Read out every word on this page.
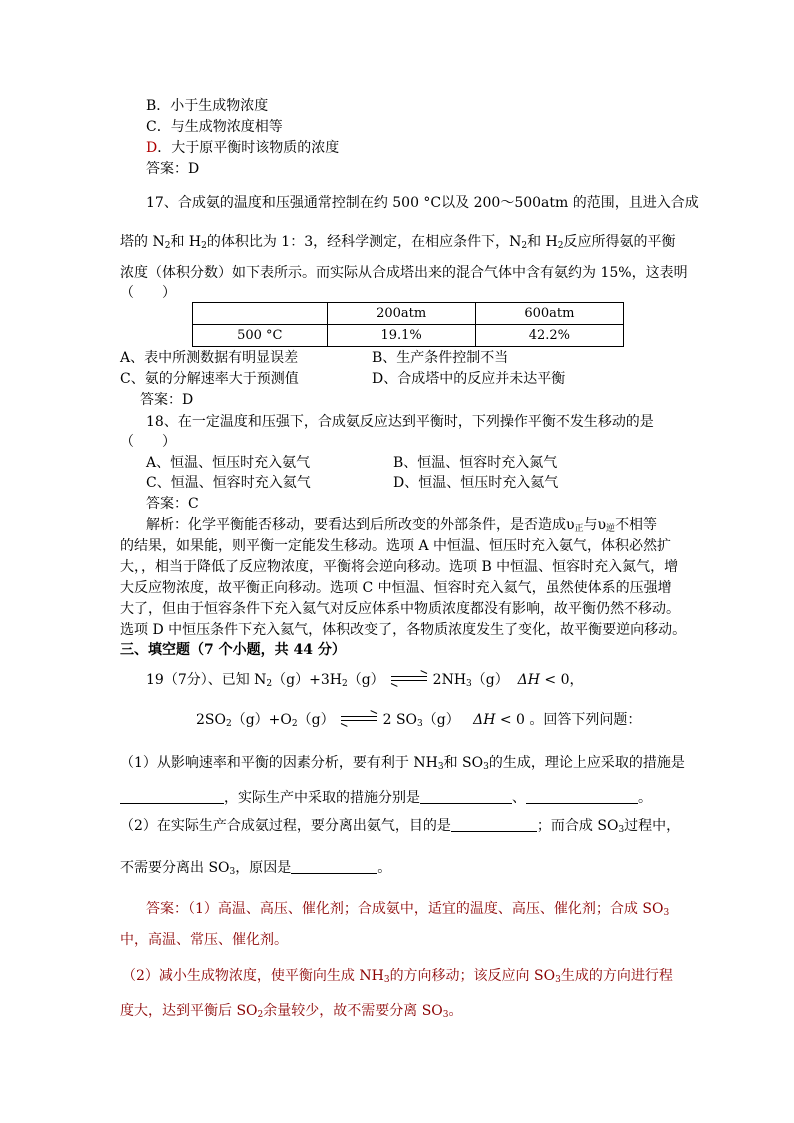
B．小于生成物浓度
C．与生成物浓度相等
D．大于原平衡时该物质的浓度
答案：D
17、合成氨的温度和压强通常控制在约 500 °C以及 200～500atm 的范围，且进入合成
塔的 $N_2$和 $H_2$的体积比为 1：3，经科学测定，在相应条件下，$N_2$和 $H_2$反应所得氨的平衡
浓度（体积分数）如下表所示。而实际从合成塔出来的混合气体中含有氨约为 15%，这表明
（　　）
	200atm	600atm
500 °C	19.1%	42.2%
A、表中所测数据有明显误差	B、生产条件控制不当
C、氨的分解速率大于预测值	D、合成塔中的反应并未达平衡
答案：D
18、在一定温度和压强下，合成氨反应达到平衡时，下列操作平衡不发生移动的是
（　　）
A、恒温、恒压时充入氨气	B、恒温、恒容时充入氮气
C、恒温、恒容时充入氦气	D、恒温、恒压时充入氦气
答案：C
解析：化学平衡能否移动，要看达到后所改变的外部条件，是否造成$\upsilon_正$与$\upsilon_逆$不相等
的结果，如果能，则平衡一定能发生移动。选项 A 中恒温、恒压时充入氨气，体积必然扩
大，，相当于降低了反应物浓度，平衡将会逆向移动。选项 B 中恒温、恒容时充入氮气，增
大反应物浓度，故平衡正向移动。选项 C 中恒温、恒容时充入氦气，虽然使体系的压强增
大了，但由于恒容条件下充入氦气对反应体系中物质浓度都没有影响，故平衡仍然不移动。
选项 D 中恒压条件下充入氦气，体积改变了，各物质浓度发生了变化，故平衡要逆向移动。
三、填空题（7 个小题，共 44 分）
19（7分）、已知 $N_2(g)+3H_2(g)$ ⇌ $2NH_3(g) \Delta H < 0$，
$2SO_2(g)+O_2(g)$ ⇌ 2 $SO_3(g) \Delta H < 0$ 。回答下列问题：
（1）从影响速率和平衡的因素分析，要有利于 $NH_3$和 $SO_3$的生成，理论上应采取的措施是
，实际生产中采取的措施分别是	、	。
（2）在实际生产合成氨过程，要分离出氨气，目的是	；而合成 $SO_3$过程中，
不需要分离出 $SO_3$，原因是	。
答案：（1）高温、高压、催化剂；合成氨中，适宜的温度、高压、催化剂；合成 $SO_3$
中，高温、常压、催化剂。
（2）减小生成物浓度，使平衡向生成 $NH_3$的方向移动；该反应向 $SO_3$生成的方向进行程
度大，达到平衡后 $SO_2$余量较少，故不需要分离 $SO_3$。
